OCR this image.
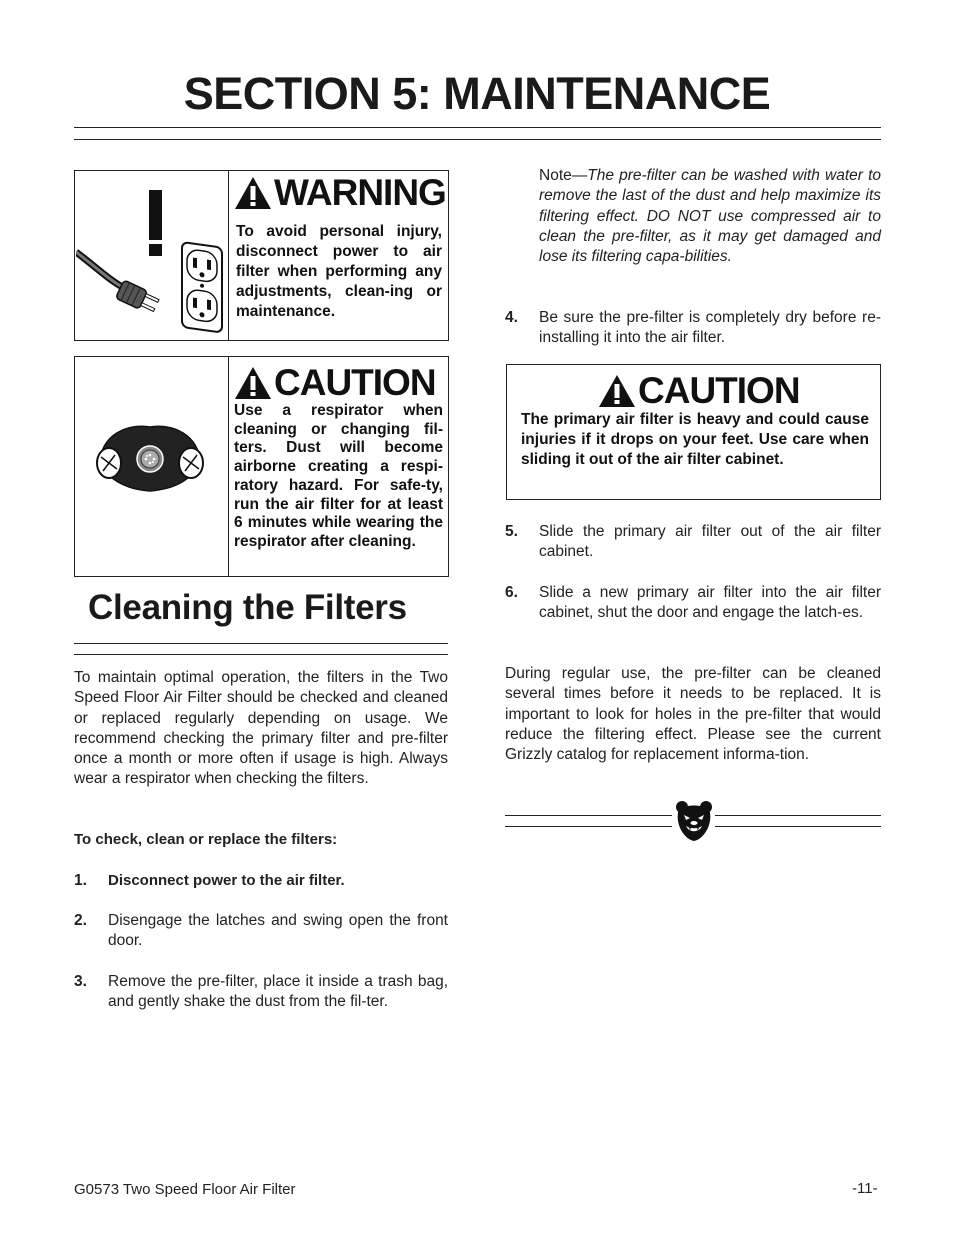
SECTION 5: MAINTENANCE
WARNING
To avoid personal injury, disconnect power to air filter when performing any adjustments, clean-ing or maintenance.
CAUTION
Use a respirator when cleaning or changing fil-ters. Dust will become airborne creating a respi-ratory hazard. For safe-ty, run the air filter for at least 6 minutes while wearing the respirator after cleaning.
Cleaning the Filters
To maintain optimal operation, the filters in the Two Speed Floor Air Filter should be checked and cleaned or replaced regularly depending on usage. We recommend checking the primary filter and pre-filter once a month or more often if usage is high. Always wear a respirator when checking the filters.
To check, clean or replace the filters:
1. Disconnect power to the air filter.
2. Disengage the latches and swing open the front door.
3. Remove the pre-filter, place it inside a trash bag, and gently shake the dust from the fil-ter.
Note—The pre-filter can be washed with water to remove the last of the dust and help maximize its filtering effect. DO NOT use compressed air to clean the pre-filter, as it may get damaged and lose its filtering capa-bilities.
4. Be sure the pre-filter is completely dry before re-installing it into the air filter.
CAUTION
The primary air filter is heavy and could cause injuries if it drops on your feet. Use care when sliding it out of the air filter cabinet.
5. Slide the primary air filter out of the air filter cabinet.
6. Slide a new primary air filter into the air filter cabinet, shut the door and engage the latch-es.
During regular use, the pre-filter can be cleaned several times before it needs to be replaced. It is important to look for holes in the pre-filter that would reduce the filtering effect. Please see the current Grizzly catalog for replacement informa-tion.
G0573 Two Speed Floor Air Filter	-11-
